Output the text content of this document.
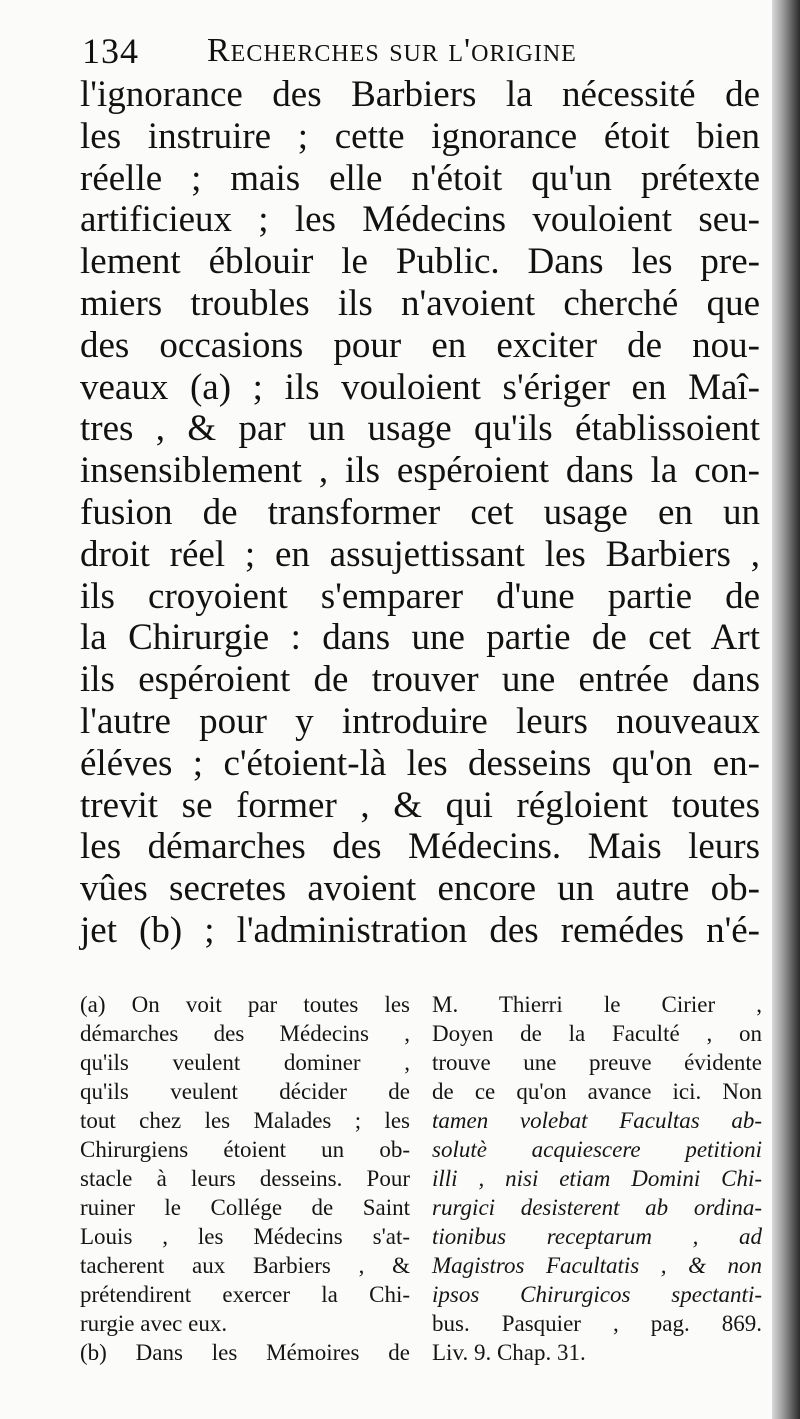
134 Recherches sur l'origine
l'ignorance des Barbiers la nécessité de
les instruire ; cette ignorance étoit bien
réelle ; mais elle n'étoit qu'un prétexte
artificieux ; les Médecins vouloient seu-
lement éblouir le Public. Dans les pre-
miers troubles ils n'avoient cherché que
des occasions pour en exciter de nou-
veaux (a) ; ils vouloient s'ériger en Maî-
tres , & par un usage qu'ils établissoient
insensiblement , ils espéroient dans la con-
fusion de transformer cet usage en un
droit réel ; en assujettissant les Barbiers ,
ils croyoient s'emparer d'une partie de
la Chirurgie : dans une partie de cet Art
ils espéroient de trouver une entrée dans
l'autre pour y introduire leurs nouveaux
éléves ; c'étoient-là les desseins qu'on en-
trevit se former , & qui régloient toutes
les démarches des Médecins. Mais leurs
vûes secretes avoient encore un autre ob-
jet (b) ; l'administration des remédes n'é-
(a) On voit par toutes les
démarches des Médecins ,
qu'ils veulent dominer ,
qu'ils veulent décider de
tout chez les Malades ; les
Chirurgiens étoient un ob-
stacle à leurs desseins. Pour
ruiner le Collége de Saint
Louis , les Médecins s'at-
tacherent aux Barbiers , &
prétendirent exercer la Chi-
rurgie avec eux.
(b) Dans les Mémoires de
M. Thierri le Cirier ,
Doyen de la Faculté , on
trouve une preuve évidente
de ce qu'on avance ici. Non
tamen volebat Facultas ab-
solutè acquiescere petitioni
illi , nisi etiam Domini Chi-
rurgici desisterent ab ordina-
tionibus receptarum , ad
Magistros Facultatis , & non
ipsos Chirurgicos spectanti-
bus. Pasquier , pag. 869.
Liv. 9. Chap. 31.
